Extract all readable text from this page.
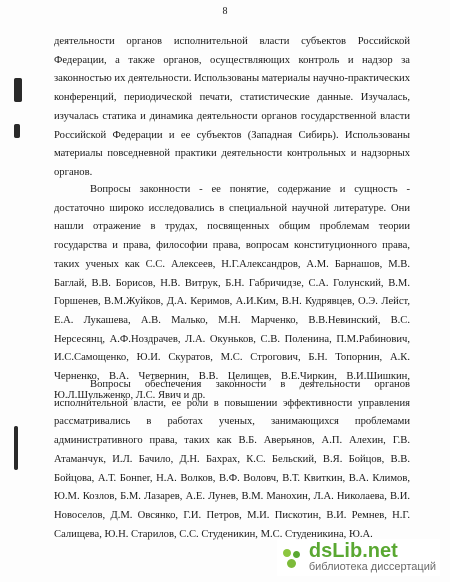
8

деятельности органов исполнительной власти субъектов Российской Федерации, а также органов, осуществляющих контроль и надзор за законностью их деятельности. Использованы материалы научно-практических конференций, периодической печати, статистические данные. Изучалась, изучалась статика и динамика деятельности органов государственной власти Российской Федерации и ее субъектов (Западная Сибирь). Использованы материалы повседневной практики деятельности контрольных и надзорных органов.

Вопросы законности - ее понятие, содержание и сущность - достаточно широко исследовались в специальной научной литературе. Они нашли отражение в трудах, посвященных общим проблемам теории государства и права, философии права, вопросам конституционного права, таких ученых как С.С. Алексеев, Н.Г.Александров, А.М. Барнашов, М.В. Баглай, В.В. Борисов, Н.В. Витрук, Б.Н. Габричидзе, С.А. Голунский, В.М. Горшенев, В.М.Жуйков, Д.А. Керимов, А.И.Ким, В.Н. Кудрявцев, О.Э. Лейст, Е.А. Лукашева, А.В. Малько, М.Н. Марченко, В.В.Невинский, В.С. Нерсесянц, А.Ф.Ноздрачев, Л.А. Окуньков, С.В. Поленина, П.М.Рабинович, И.С.Самощенко, Ю.И. Скуратов, М.С. Строгович, Б.Н. Топорнин, А.К. Черненко, В.А. Четвернин, В.В. Целищев, В.Е.Чиркин, В.И.Шишкин, Ю.Л.Шульженко, Л.С. Явич и др.

Вопросы обеспечения законности в деятельности органов исполнительной власти, ее роли в повышении эффективности управления рассматривались в работах ученых, занимающихся проблемами административного права, таких как В.Б. Аверьянов, А.П. Алехин, Г.В. Атаманчук, И.Л. Бачило, Д.Н. Бахрах, К.С. Бельский, В.Я. Бойцов, В.В. Бойцова, А.Т. Бонner, Н.А. Волков, В.Ф. Воловч, В.Т. Квиткин, В.А. Климов, Ю.М. Козлов, Б.М. Лазарев, А.Е. Лунев, В.М. Манохин, Л.А. Николаева, В.И. Новоселов, Д.М. Овсянко, Г.И. Петров, М.И. Пискотин, В.И. Ремнев, Н.Г. Салищева, Ю.Н. Старилов, С.С. Студеникин, М.С. Студеникина, Ю.А.

dsLib.net
библиотека диссертаций
